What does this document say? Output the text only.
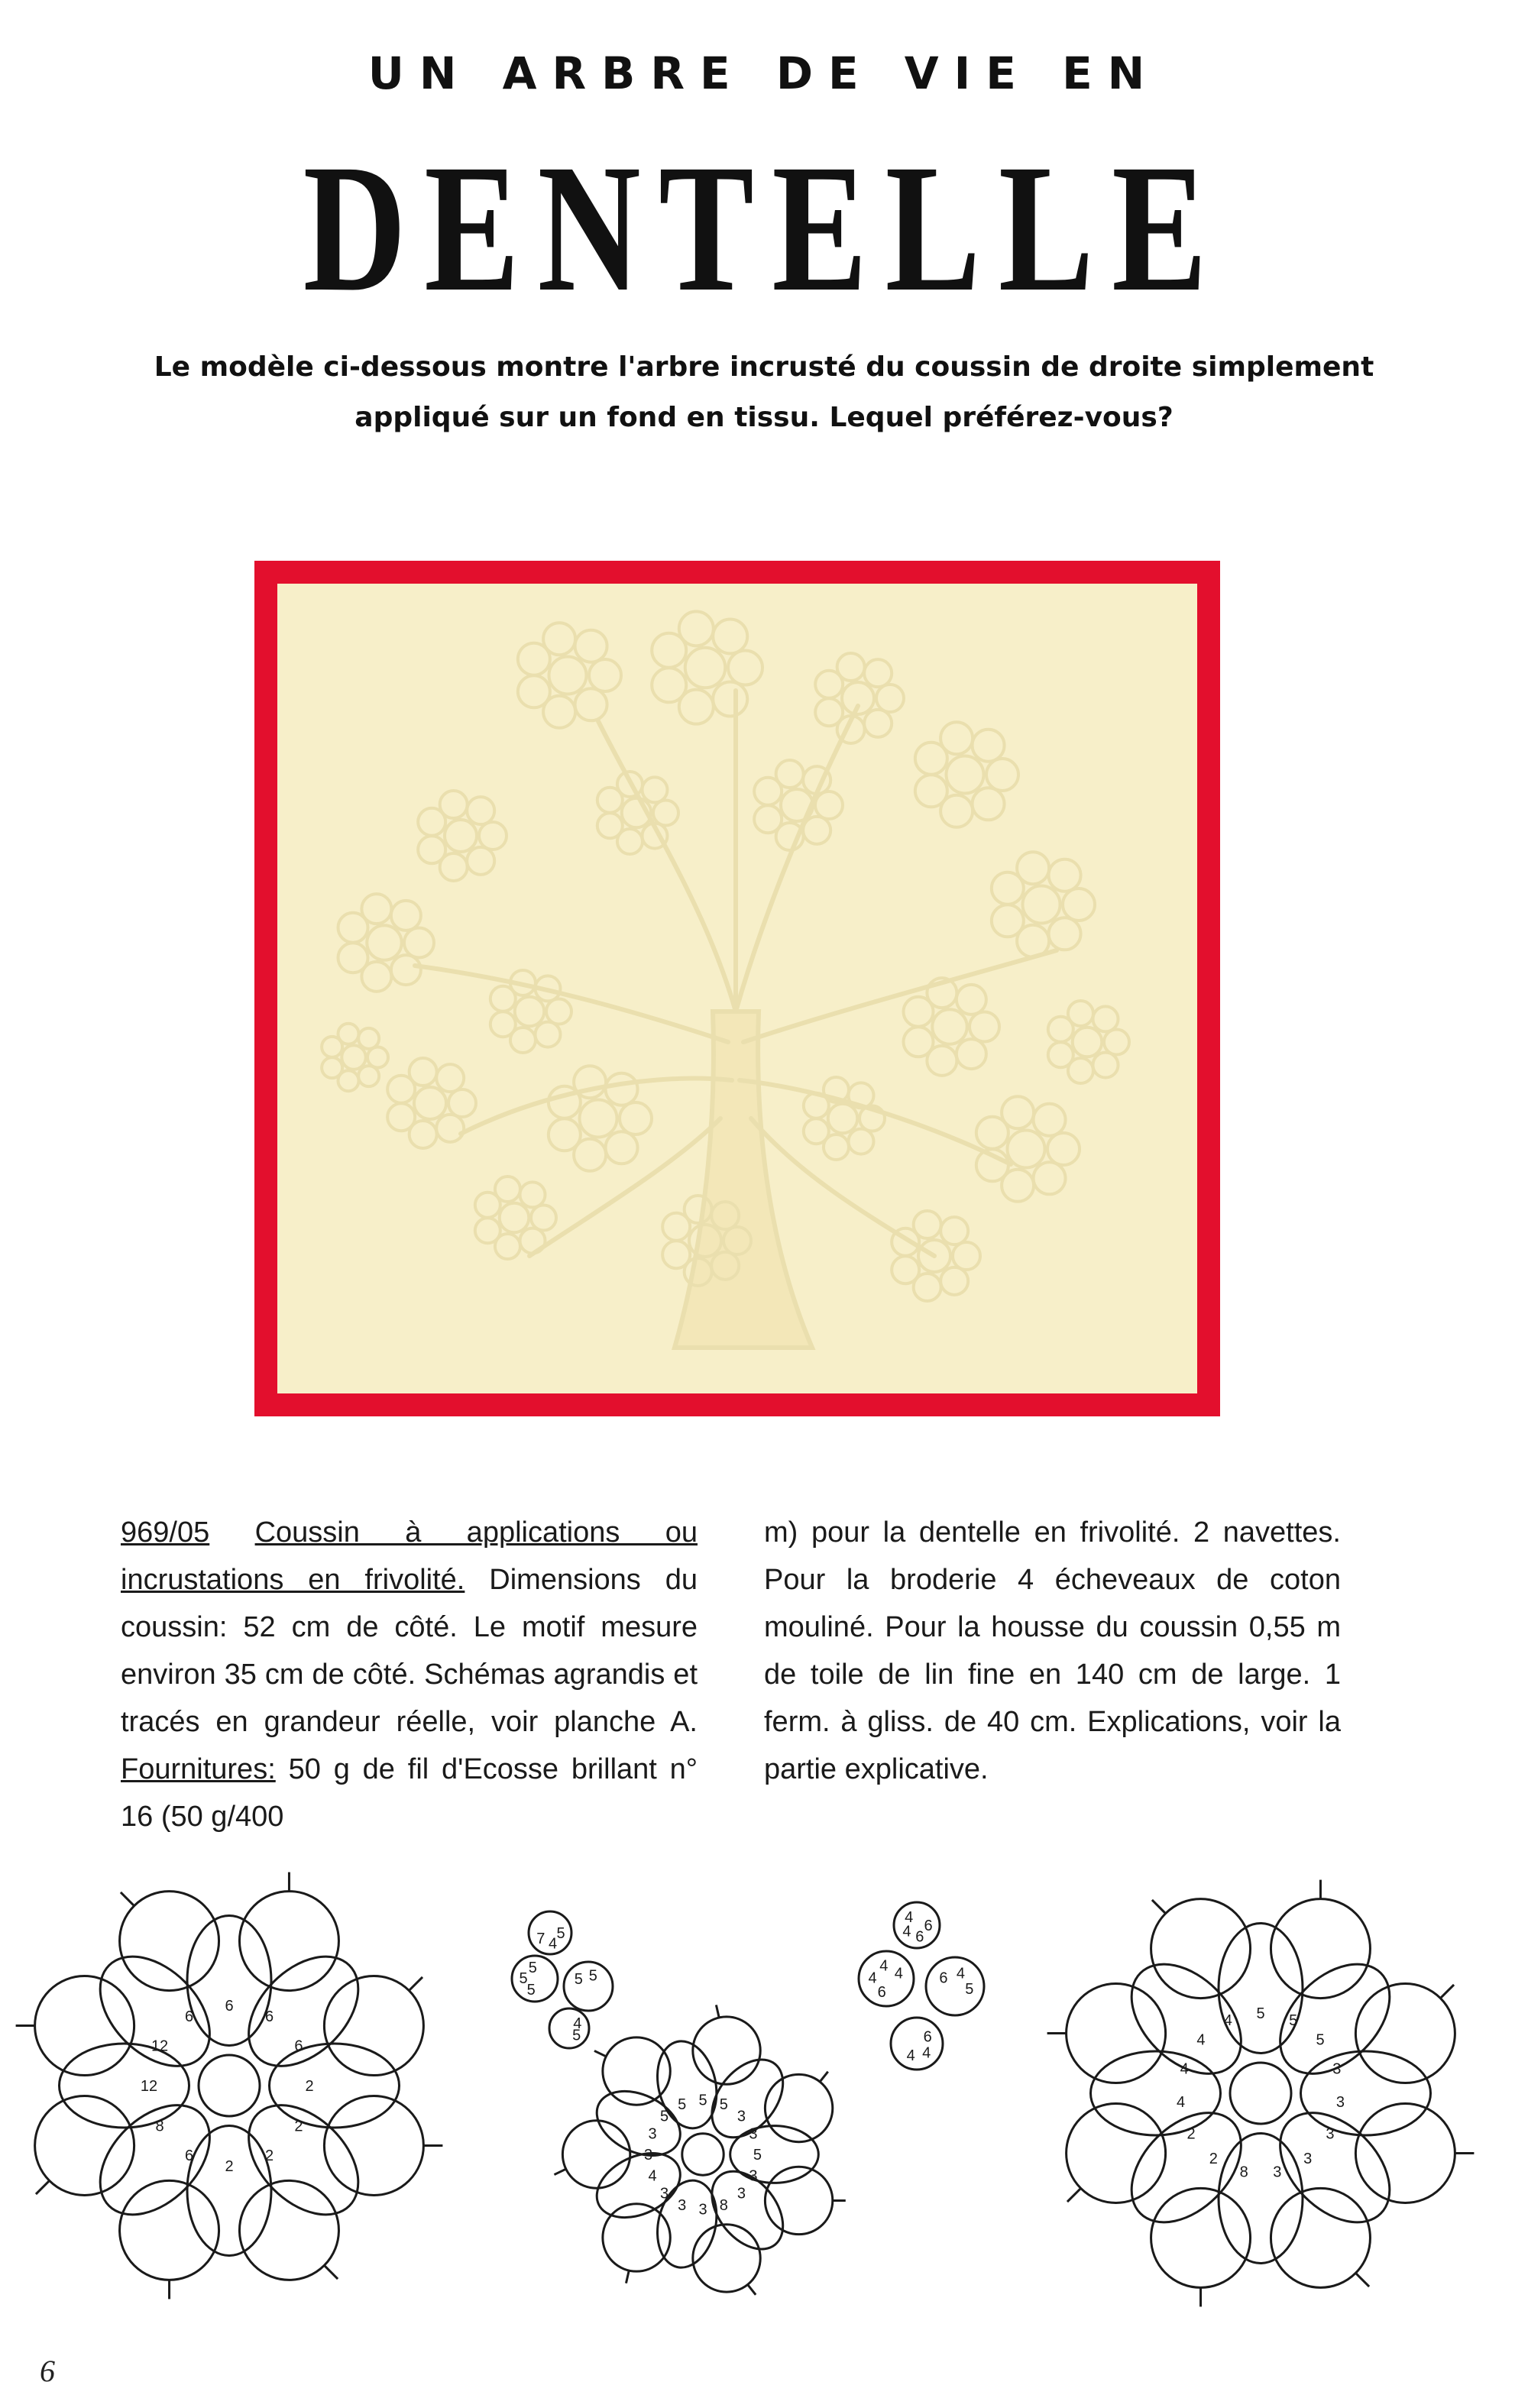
UN ARBRE DE VIE EN
DENTELLE
Le modèle ci-dessous montre l'arbre incrusté du coussin de droite simplement
appliqué sur un fond en tissu. Lequel préférez-vous?
969/05 Coussin à applications ou incrustations en frivolité. Dimensions du coussin: 52 cm de côté. Le motif mesure environ 35 cm de côté. Schémas agrandis et tracés en grandeur réelle, voir planche A. Fournitures: 50 g de fil d'Ecosse brillant n° 16 (50 g/400
m) pour la dentelle en frivolité. 2 navettes. Pour la broderie 4 écheveaux de coton mouliné. Pour la housse du coussin 0,55 m de toile de lin fine en 140 cm de large. 1 ferm. à gliss. de 40 cm. Explications, voir la partie explicative.
6
6
6
2
2
2
2
6
8
12
12
6
5
5
5
4
4
5	5
5
7
5
5 5
3
3
5
3
3
8
3
3
3
4
3
3
5
5
6
6
6
6
6
4	4
4
4
4
5
4
4
4
5 5
5
3
3
3
3
3
8
2
2
4
4
4
4
6
